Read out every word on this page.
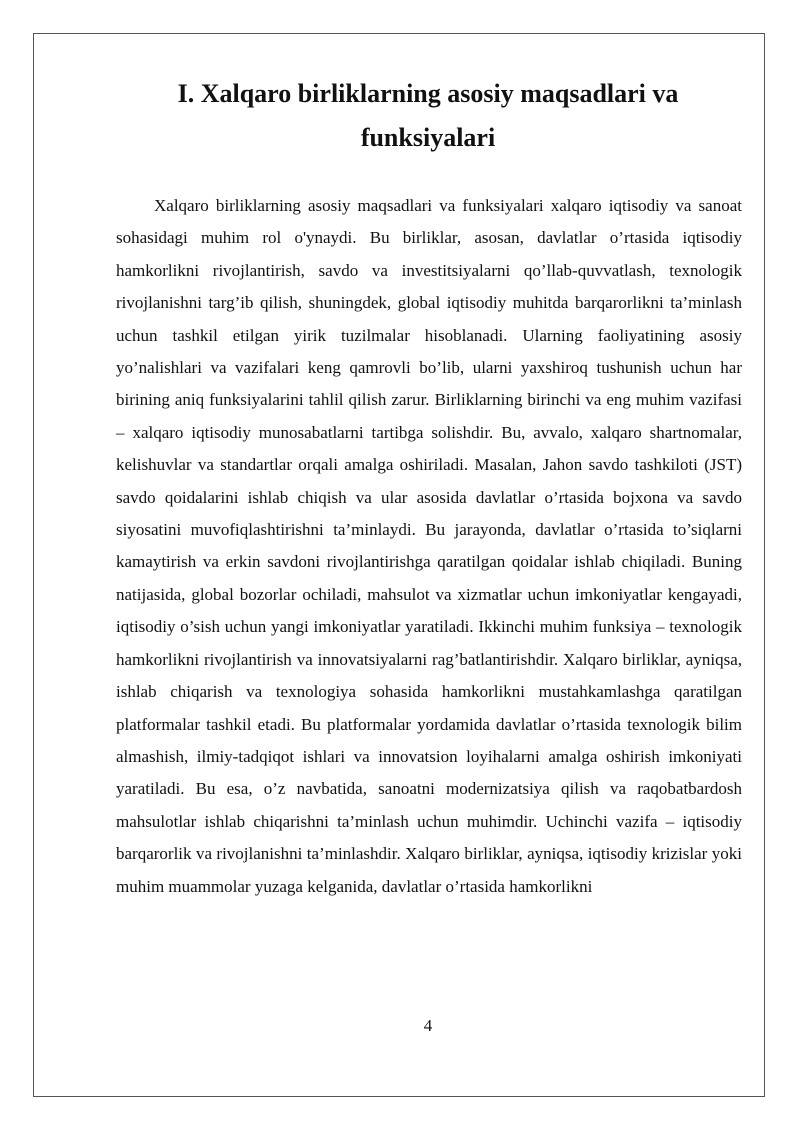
I. Xalqaro birliklarning asosiy maqsadlari va funksiyalari

Xalqaro birliklarning asosiy maqsadlari va funksiyalari xalqaro iqtisodiy va sanoat sohasidagi muhim rol o'ynaydi. Bu birliklar, asosan, davlatlar o’rtasida iqtisodiy hamkorlikni rivojlantirish, savdo va investitsiyalarni qo’llab-quvvatlash, texnologik rivojlanishni targ’ib qilish, shuningdek, global iqtisodiy muhitda barqarorlikni ta’minlash uchun tashkil etilgan yirik tuzilmalar hisoblanadi. Ularning faoliyatining asosiy yo’nalishlari va vazifalari keng qamrovli bo’lib, ularni yaxshiroq tushunish uchun har birining aniq funksiyalarini tahlil qilish zarur. Birliklarning birinchi va eng muhim vazifasi – xalqaro iqtisodiy munosabatlarni tartibga solishdir. Bu, avvalo, xalqaro shartnomalar, kelishuvlar va standartlar orqali amalga oshiriladi. Masalan, Jahon savdo tashkiloti (JST) savdo qoidalarini ishlab chiqish va ular asosida davlatlar o’rtasida bojxona va savdo siyosatini muvofiqlashtirishni ta’minlaydi. Bu jarayonda, davlatlar o’rtasida to’siqlarni kamaytirish va erkin savdoni rivojlantirishga qaratilgan qoidalar ishlab chiqiladi. Buning natijasida, global bozorlar ochiladi, mahsulot va xizmatlar uchun imkoniyatlar kengayadi, iqtisodiy o’sish uchun yangi imkoniyatlar yaratiladi. Ikkinchi muhim funksiya – texnologik hamkorlikni rivojlantirish va innovatsiyalarni rag’batlantirishdir. Xalqaro birliklar, ayniqsa, ishlab chiqarish va texnologiya sohasida hamkorlikni mustahkamlashga qaratilgan platformalar tashkil etadi. Bu platformalar yordamida davlatlar o’rtasida texnologik bilim almashish, ilmiy-tadqiqot ishlari va innovatsion loyihalarni amalga oshirish imkoniyati yaratiladi. Bu esa, o’z navbatida, sanoatni modernizatsiya qilish va raqobatbardosh mahsulotlar ishlab chiqarishni ta’minlash uchun muhimdir. Uchinchi vazifa – iqtisodiy barqarorlik va rivojlanishni ta’minlashdir. Xalqaro birliklar, ayniqsa, iqtisodiy krizislar yoki muhim muammolar yuzaga kelganida, davlatlar o’rtasida hamkorlikni

4
